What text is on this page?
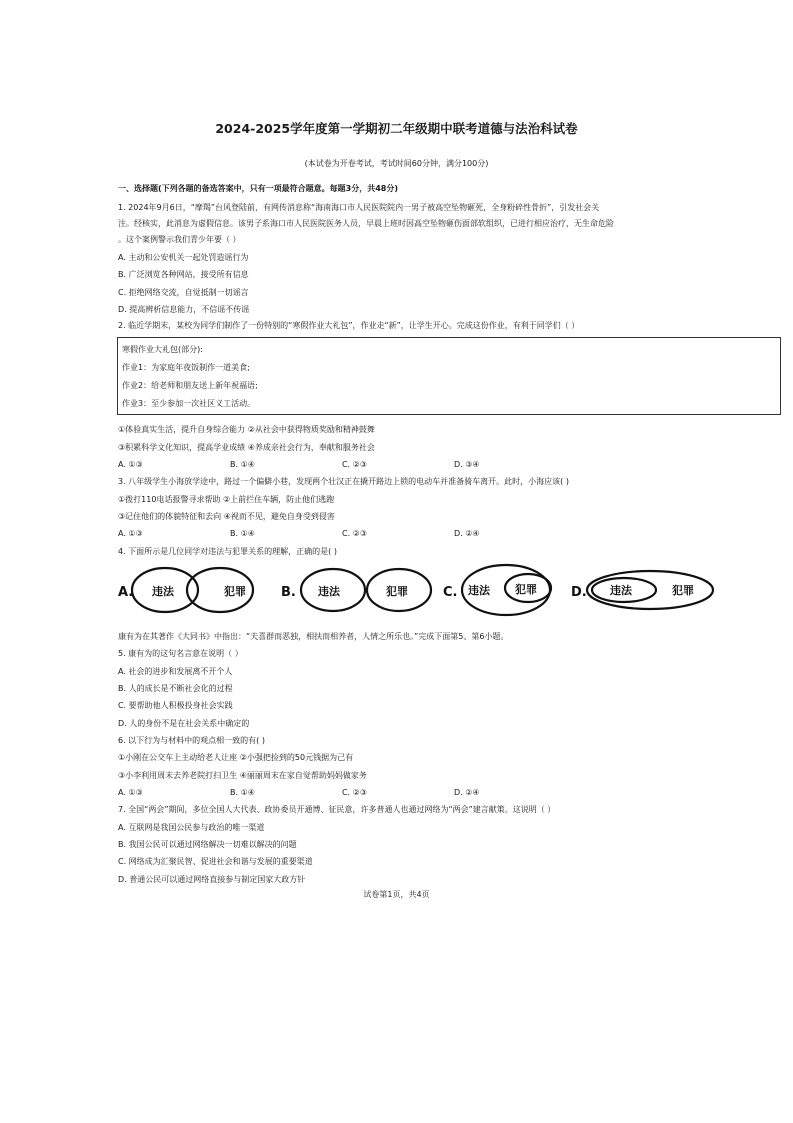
2024-2025学年度第一学期初二年级期中联考道德与法治科试卷
(本试卷为开卷考试，考试时间60分钟，满分100分)

一、选择题(下列各题的备选答案中，只有一项最符合题意。每题3分，共48分)

1. 2024年9月6日，“摩羯”台风登陆前，有网传消息称“海南海口市人民医院院内一男子被高空坠物砸死，全身粉碎性骨折”，引发社会关

注。经核实，此消息为虚假信息。该男子系海口市人民医院医务人员，早晨上班时因高空坠物砸伤面部软组织，已进行相应治疗，无生命危险

。这个案例警示我们青少年要（ ）

A. 主动和公安机关一起处罚造谣行为

B. 广泛浏览各种网站，接受所有信息

C. 拒绝网络交流，自觉抵制一切谣言

D. 提高辨析信息能力，不信谣不传谣

2. 临近学期末，某校为同学们制作了一份特别的“寒假作业大礼包”，作业走“新”，让学生开心。完成这份作业，有利于同学们（ ）

寒假作业大礼包(部分):

作业1：为家庭年夜饭制作一道美食;

作业2：给老师和朋友送上新年祝福语;

作业3：至少参加一次社区义工活动。

①体验真实生活，提升自身综合能力 ②从社会中获得物质奖励和精神鼓舞

③积累科学文化知识，提高学业成绩 ④养成亲社会行为，奉献和服务社会

A. ①③	B. ①④	C. ②③	D. ③④

3. 八年级学生小海放学途中，路过一个偏僻小巷，发现两个壮汉正在撬开路边上锁的电动车并准备骑车离开。此时，小海应该( )

①拨打110电话报警寻求帮助 ②上前拦住车辆，防止他们逃跑

③记住他们的体貌特征和去向 ④视而不见，避免自身受到侵害

A. ①③	B. ①④	C. ②③	D. ②④

4. 下面所示是几位同学对违法与犯罪关系的理解，正确的是( )

A. 违法	犯罪	B. 违法	犯罪	C. 违法 犯罪	D. 违法	犯罪

康有为在其著作《大同书》中指出：“夫喜群而恶独，相扶而相养者，人情之所乐也。”完成下面第5、第6小题。

5. 康有为的这句名言意在说明（ ）

A. 社会的进步和发展离不开个人

B. 人的成长是不断社会化的过程

C. 要帮助他人积极投身社会实践

D. 人的身份不是在社会关系中确定的

6. 以下行为与材料中的观点相一致的有( )

①小刚在公交车上主动给老人让座 ②小强把捡到的50元钱据为己有

③小李利用周末去养老院打扫卫生 ④丽丽周末在家自觉帮助妈妈做家务

A. ①③	B. ①④	C. ②③	D. ②④

7. 全国“两会”期间，多位全国人大代表、政协委员开通博、征民意，许多普通人也通过网络为“两会”建言献策。这说明（ ）

A. 互联网是我国公民参与政治的唯一渠道

B. 我国公民可以通过网络解决一切难以解决的问题

C. 网络成为汇聚民智、促进社会和谐与发展的重要渠道

D. 普通公民可以通过网络直接参与制定国家大政方针

试卷第1页，共4页
